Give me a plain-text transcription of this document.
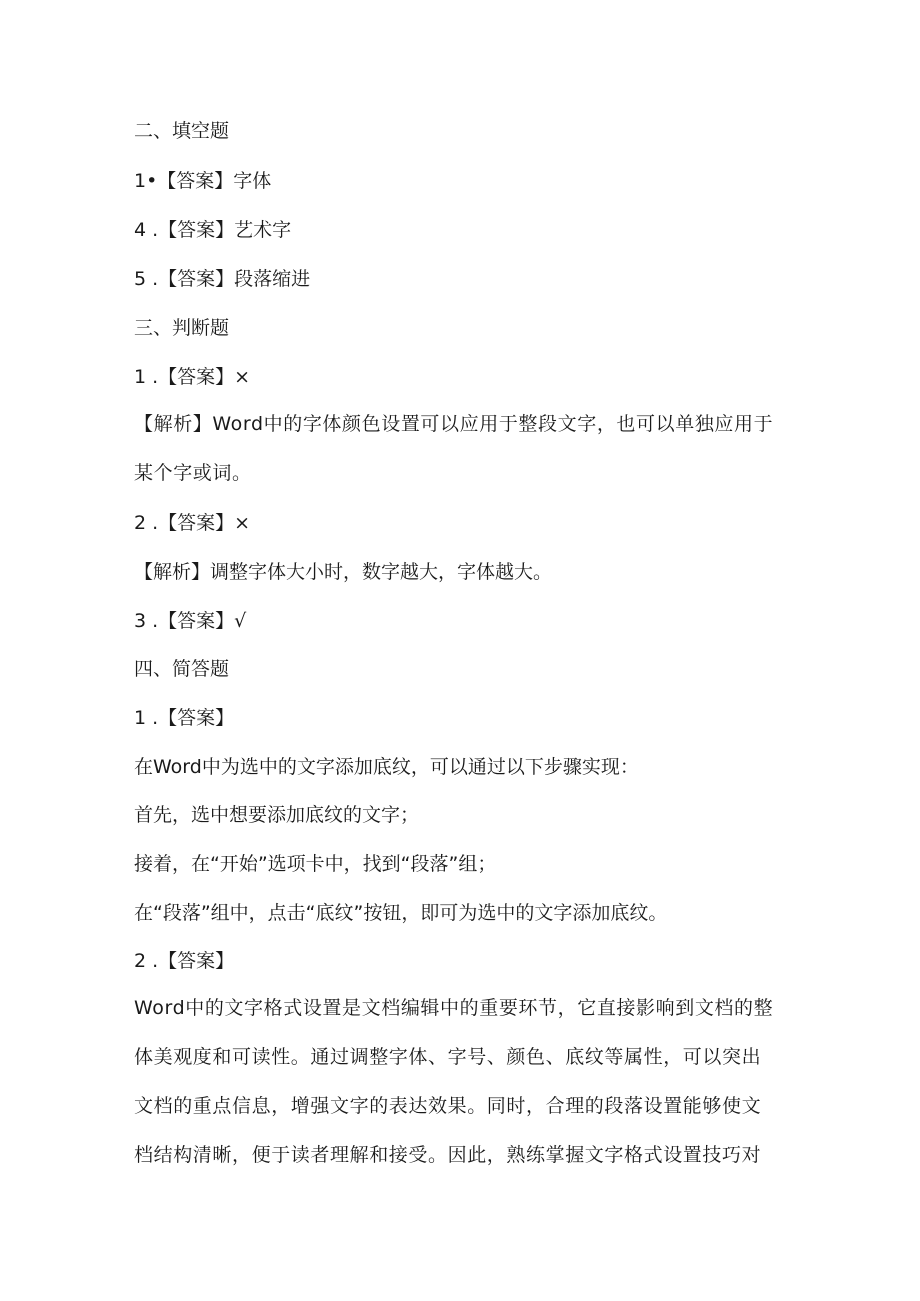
二、填空题
1•【答案】字体
4 .【答案】艺术字
5 .【答案】段落缩进
三、判断题
1 .【答案】×

【解析】Word中的字体颜色设置可以应用于整段文字，也可以单独应用于

某个字或词。

2 .【答案】×
【解析】调整字体大小时，数字越大，字体越大。
3 .【答案】√
四、简答题
1 .【答案】
在Word中为选中的文字添加底纹，可以通过以下步骤实现：
首先，选中想要添加底纹的文字；
接着，在“开始”选项卡中，找到“段落”组；
在“段落”组中，点击“底纹”按钮，即可为选中的文字添加底纹。
2 .【答案】

Word中的文字格式设置是文档编辑中的重要环节，它直接影响到文档的整

体美观度和可读性。通过调整字体、字号、颜色、底纹等属性，可以突出

文档的重点信息，增强文字的表达效果。同时，合理的段落设置能够使文

档结构清晰，便于读者理解和接受。因此，熟练掌握文字格式设置技巧对
